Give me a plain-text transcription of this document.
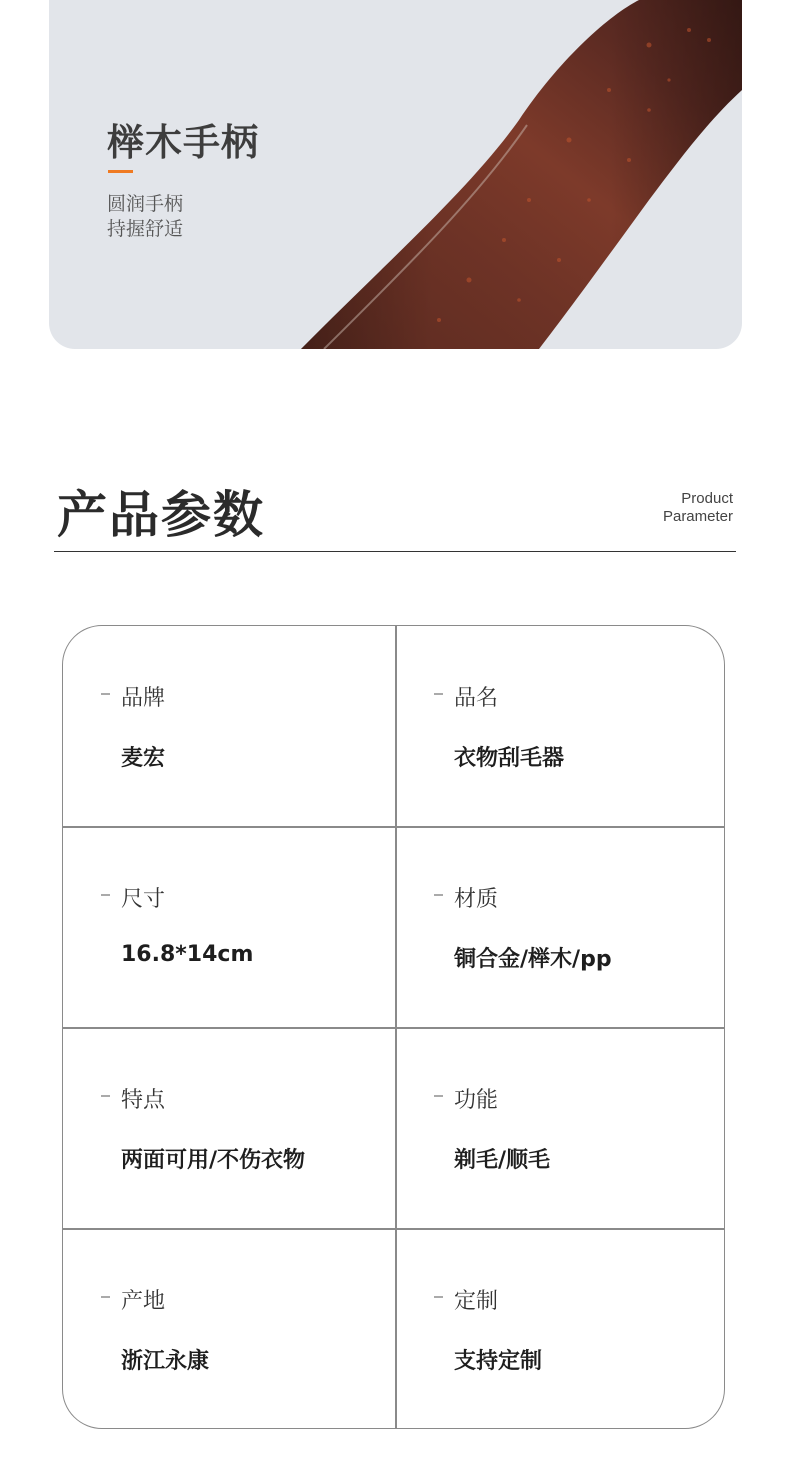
榉木手柄
圆润手柄
持握舒适
产品参数	Product
Parameter
品牌
麦宏
品名
衣物刮毛器
尺寸
16.8*14cm
材质
铜合金/榉木/pp
特点
两面可用/不伤衣物
功能
剃毛/顺毛
产地
浙江永康
定制
支持定制
